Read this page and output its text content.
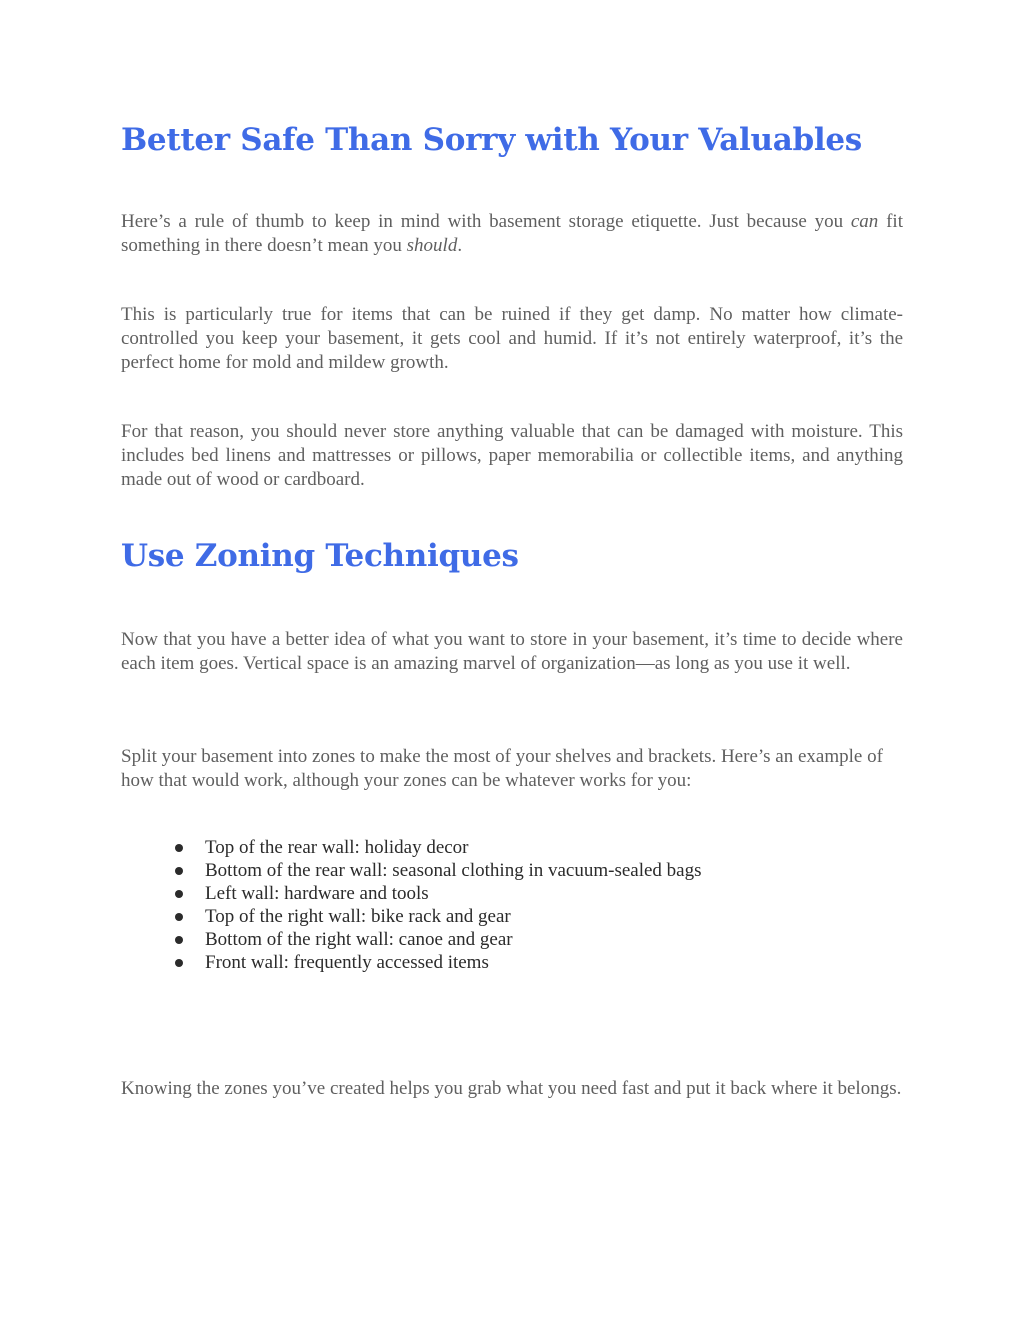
Better Safe Than Sorry with Your Valuables

Here’s a rule of thumb to keep in mind with basement storage etiquette. Just because you can fit something in there doesn’t mean you should.

This is particularly true for items that can be ruined if they get damp. No matter how climate-controlled you keep your basement, it gets cool and humid. If it’s not entirely waterproof, it’s the perfect home for mold and mildew growth.

For that reason, you should never store anything valuable that can be damaged with moisture. This includes bed linens and mattresses or pillows, paper memorabilia or collectible items, and anything made out of wood or cardboard.

Use Zoning Techniques

Now that you have a better idea of what you want to store in your basement, it’s time to decide where each item goes. Vertical space is an amazing marvel of organization—as long as you use it well.

Split your basement into zones to make the most of your shelves and brackets. Here’s an example of how that would work, although your zones can be whatever works for you:

Top of the rear wall: holiday decor
Bottom of the rear wall: seasonal clothing in vacuum-sealed bags
Left wall: hardware and tools
Top of the right wall: bike rack and gear
Bottom of the right wall: canoe and gear
Front wall: frequently accessed items

Knowing the zones you’ve created helps you grab what you need fast and put it back where it belongs.
